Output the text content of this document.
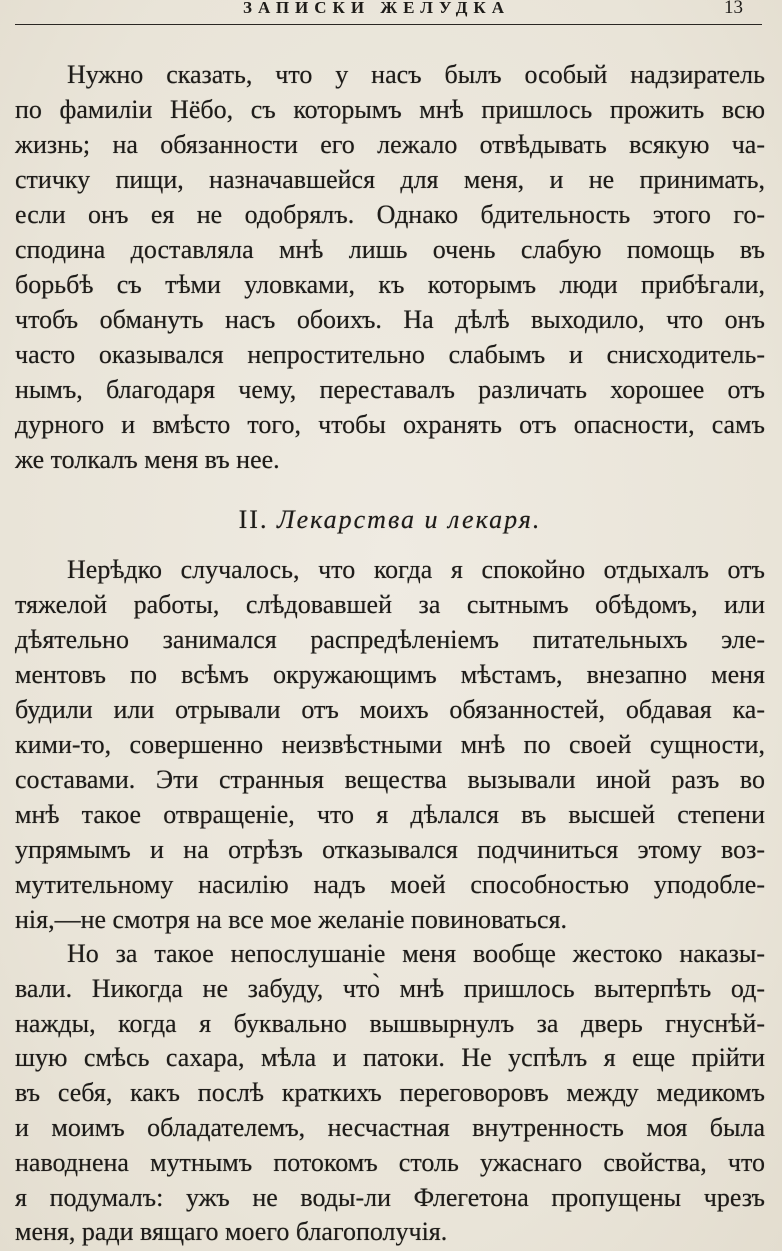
ЗАПИСКИ ЖЕЛУДКА	13
Нужно сказать, что у насъ былъ особый надзиратель
по фамиліи Нёбо, съ которымъ мнѣ пришлось прожить всю
жизнь; на обязанности его лежало отвѣдывать всякую ча-
стичку пищи, назначавшейся для меня, и не принимать,
если онъ ея не одобрялъ. Однако бдительность этого го-
сподина доставляла мнѣ лишь очень слабую помощь въ
борьбѣ съ тѣми уловками, къ которымъ люди прибѣгали,
чтобъ обмануть насъ обоихъ. На дѣлѣ выходило, что онъ
часто оказывался непростительно слабымъ и снисходитель-
нымъ, благодаря чему, переставалъ различать хорошее отъ
дурного и вмѣсто того, чтобы охранять отъ опасности, самъ
же толкалъ меня въ нее.
II. Лекарства и лекаря.
Нерѣдко случалось, что когда я спокойно отдыхалъ отъ
тяжелой работы, слѣдовавшей за сытнымъ обѣдомъ, или
дѣятельно занимался распредѣленіемъ питательныхъ эле-
ментовъ по всѣмъ окружающимъ мѣстамъ, внезапно меня
будили или отрывали отъ моихъ обязанностей, обдавая ка-
кими-то, совершенно неизвѣстными мнѣ по своей сущности,
составами. Эти странныя вещества вызывали иной разъ во
мнѣ такое отвращеніе, что я дѣлался въ высшей степени
упрямымъ и на отрѣзъ отказывался подчиниться этому воз-
мутительному насилію надъ моей способностью уподобле-
нія,—не смотря на все мое желаніе повиноваться.
Но за такое непослушаніе меня вообще жестоко наказы-
вали. Никогда не забуду, что̀ мнѣ пришлось вытерпѣть од-
нажды, когда я буквально вышвырнулъ за дверь гнуснѣй-
шую смѣсь сахара, мѣла и патоки. Не успѣлъ я еще прійти
въ себя, какъ послѣ краткихъ переговоровъ между медикомъ
и моимъ обладателемъ, несчастная внутренность моя была
наводнена мутнымъ потокомъ столь ужаснаго свойства, что
я подумалъ: ужъ не воды-ли Флегетона пропущены чрезъ
меня, ради вящаго моего благополучія.
